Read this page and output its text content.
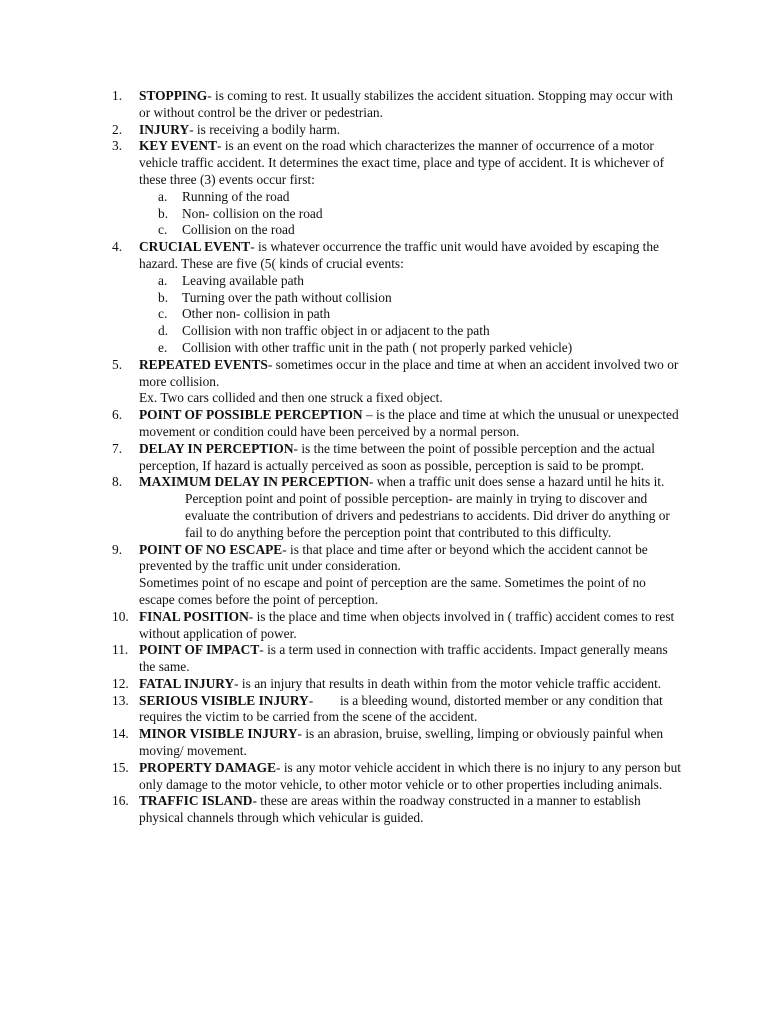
1.	STOPPING- is coming to rest. It usually stabilizes the accident situation. Stopping may occur with or without control be the driver or pedestrian.
2.	INJURY- is receiving a bodily harm.
3.	KEY EVENT- is an event on the road which characterizes the manner of occurrence of a motor vehicle traffic accident. It determines the exact time, place and type of accident. It is whichever of these three (3) events occur first:
a.	Running of the road
b.	Non- collision on the road
c.	Collision on the road
4.	CRUCIAL EVENT- is whatever occurrence the traffic unit would have avoided by escaping the hazard. These are five (5( kinds of crucial events:
a.	Leaving available path
b.	Turning over the path without collision
c.	Other non- collision in path
d.	Collision with non traffic object in or adjacent to the path
e.	Collision with other traffic unit in the path ( not properly parked vehicle)
5.	REPEATED EVENTS- sometimes occur in the place and time at when an accident involved two or more collision.
Ex. Two cars collided and then one struck a fixed object.
6.	POINT OF POSSIBLE PERCEPTION – is the place and time at which the unusual or unexpected movement or condition could have been perceived by a normal person.
7.	DELAY IN PERCEPTION- is the time between the point of possible perception and the actual perception, If hazard is actually perceived as soon as possible, perception is said to be prompt.
8.	MAXIMUM DELAY IN PERCEPTION- when a traffic unit does sense a hazard until he hits it.
Perception point and point of possible perception- are mainly in trying to discover and evaluate the contribution of drivers and pedestrians to accidents. Did driver do anything or fail to do anything before the perception point that contributed to this difficulty.
9.	POINT OF NO ESCAPE- is that place and time after or beyond which the accident cannot be prevented by the traffic unit under consideration.
Sometimes point of no escape and point of perception are the same. Sometimes the point of no escape comes before the point of perception.
10. FINAL POSITION- is the place and time when objects involved in ( traffic) accident comes to rest without application of power.
11. POINT OF IMPACT- is a term used in connection with traffic accidents. Impact generally means the same.
12. FATAL INJURY- is an injury that results in death within from the motor vehicle traffic accident.
13. SERIOUS VISIBLE INJURY-        is a bleeding wound, distorted member or any condition that requires the victim to be carried from the scene of the accident.
14. MINOR VISIBLE INJURY- is an abrasion, bruise, swelling, limping or obviously painful when moving/ movement.
15. PROPERTY DAMAGE- is any motor vehicle accident in which there is no injury to any person but only damage to the motor vehicle, to other motor vehicle or to other properties including animals.
16. TRAFFIC ISLAND- these are areas within the roadway constructed in a manner to establish physical channels through which vehicular is guided.
